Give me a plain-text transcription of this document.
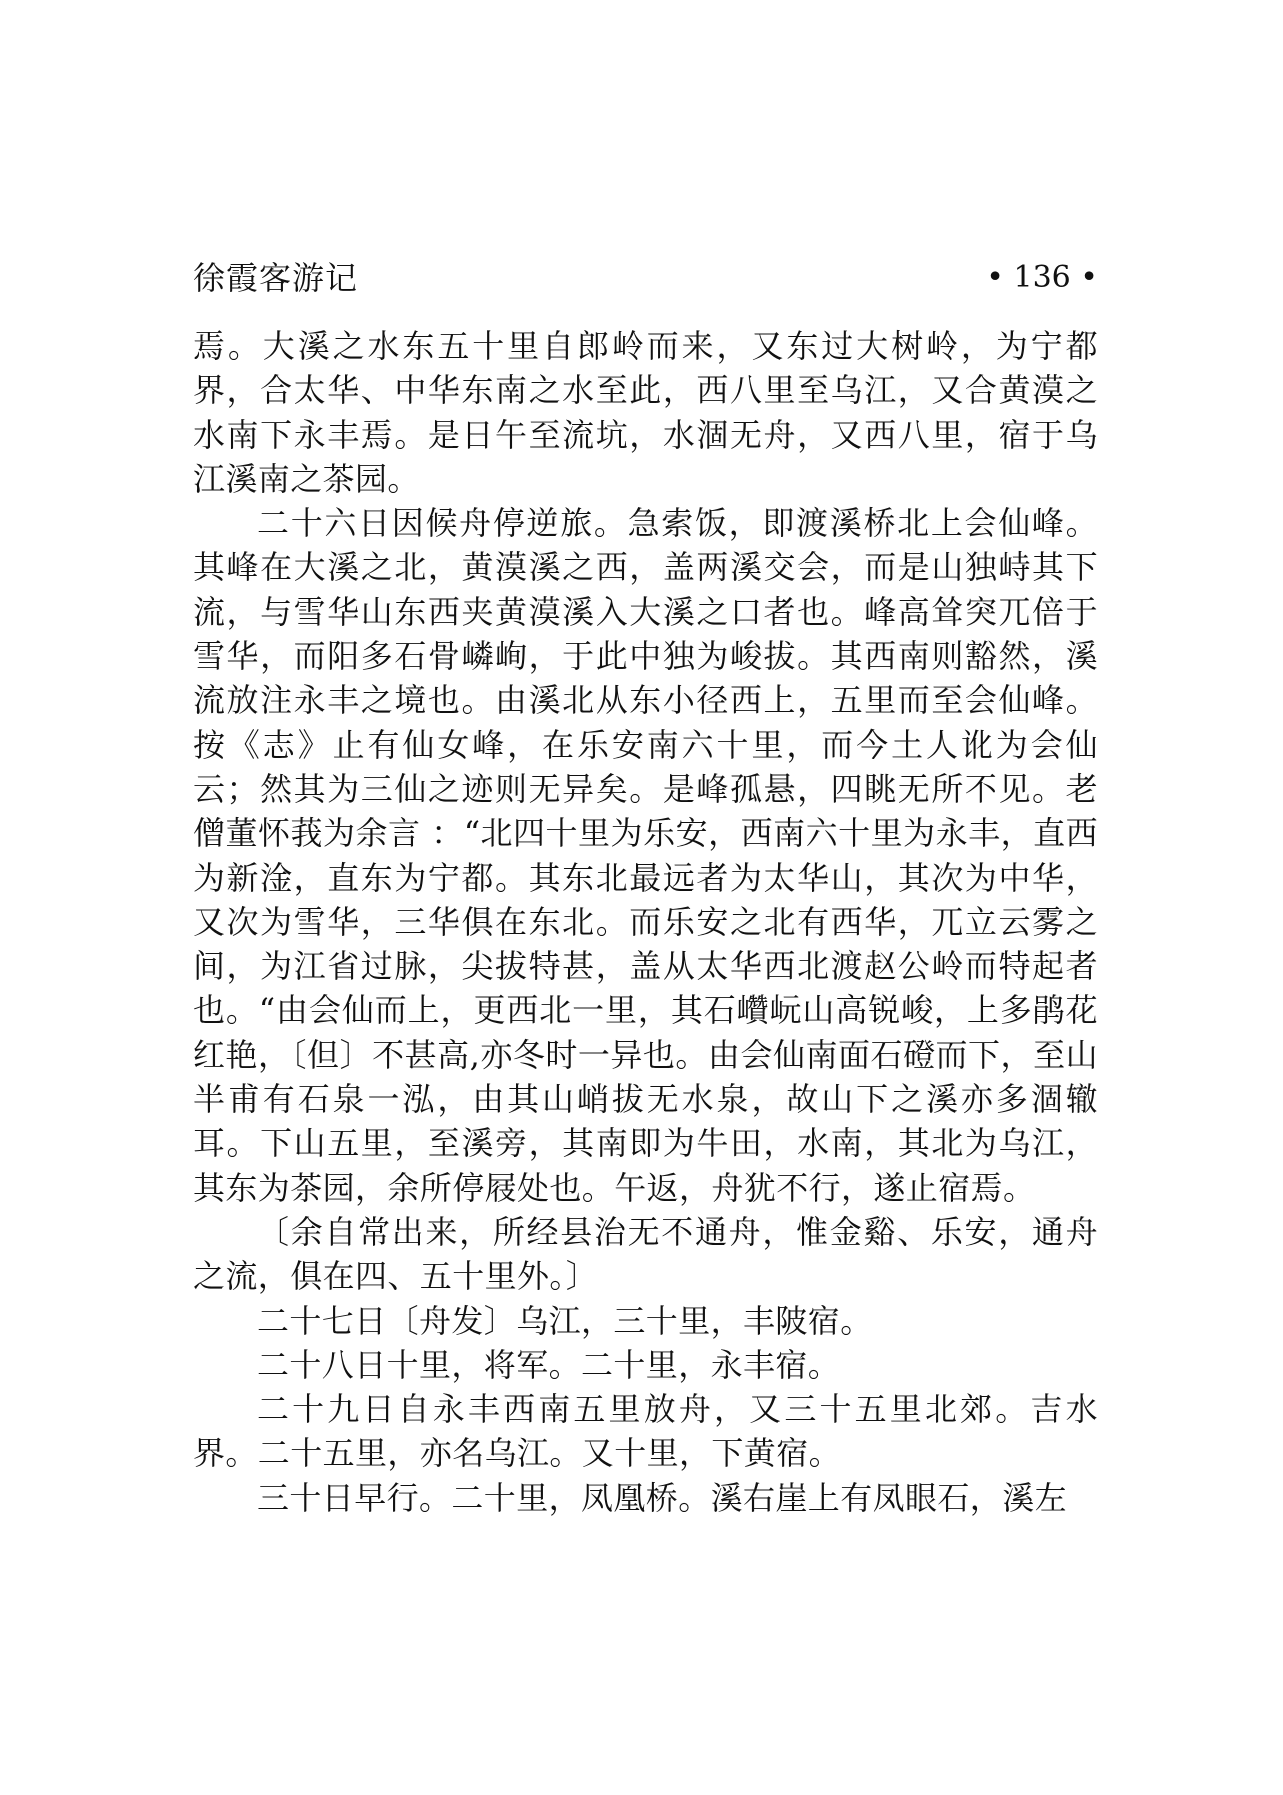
徐霞客游记	• 136 •

焉。大溪之水东五十里自郎岭而来，又东过大树岭，为宁都界，合太华、中华东南之水至此，西八里至乌江，又合黄漠之水南下永丰焉。是日午至流坑，水涸无舟，又西八里，宿于乌江溪南之茶园。

二十六日因候舟停逆旅。急索饭，即渡溪桥北上会仙峰。其峰在大溪之北，黄漠溪之西，盖两溪交会，而是山独峙其下流，与雪华山东西夹黄漠溪入大溪之口者也。峰高耸突兀倍于雪华，而阳多石骨嶙峋，于此中独为峻拔。其西南则豁然，溪流放注永丰之境也。由溪北从东小径西上，五里而至会仙峰。按《志》止有仙女峰，在乐安南六十里，而今土人讹为会仙云；然其为三仙之迹则无异矣。是峰孤悬，四眺无所不见。老僧董怀莪为余言 ：“北四十里为乐安，西南六十里为永丰，直西为新淦，直东为宁都。其东北最远者为太华山，其次为中华，又次为雪华，三华俱在东北。而乐安之北有西华，兀立云雾之间，为江省过脉，尖拔特甚，盖从太华西北渡赵公岭而特起者也。“由会仙而上，更西北一里，其石巑岏山高锐峻，上多鹃花红艳，〔但〕不甚高,亦冬时一异也。由会仙南面石磴而下，至山半甫有石泉一泓，由其山峭拔无水泉，故山下之溪亦多涸辙耳。下山五里，至溪旁，其南即为牛田，水南，其北为乌江，其东为茶园，余所停屐处也。午返，舟犹不行，遂止宿焉。

〔余自常出来，所经县治无不通舟，惟金谿、乐安，通舟之流，俱在四、五十里外。〕

二十七日〔舟发〕乌江，三十里，丰陂宿。

二十八日十里，将军。二十里，永丰宿。

二十九日自永丰西南五里放舟，又三十五里北郊。吉水界。二十五里，亦名乌江。又十里，下黄宿。

三十日早行。二十里，凤凰桥。溪右崖上有凤眼石，溪左
